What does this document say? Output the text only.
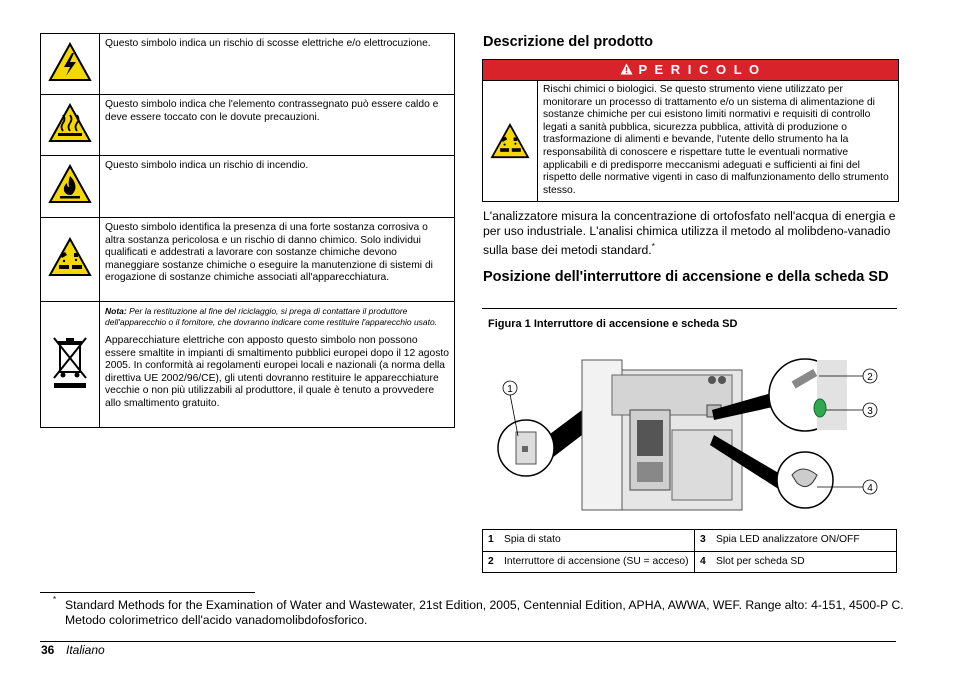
	Questo simbolo indica un rischio di scosse elettriche e/o elettrocuzione.
	Questo simbolo indica che l'elemento contrassegnato può essere caldo e deve essere toccato con le dovute precauzioni.
	Questo simbolo indica un rischio di incendio.
	Questo simbolo identifica la presenza di una forte sostanza corrosiva o altra sostanza pericolosa e un rischio di danno chimico. Solo individui qualificati e addestrati a lavorare con sostanze chimiche devono maneggiare sostanze chimiche o eseguire la manutenzione di sistemi di erogazione di sostanze chimiche associati all'apparecchiatura.

Nota: Per la restituzione al fine del riciclaggio, si prega di contattare il produttore dell'apparecchio o il fornitore, che dovranno indicare come restituire l'apparecchio usato.
Apparecchiature elettriche con apposto questo simbolo non possono essere smaltite in impianti di smaltimento pubblici europei dopo il 12 agosto 2005. In conformità ai regolamenti europei locali e nazionali (a norma della direttiva UE 2002/96/CE), gli utenti dovranno restituire le apparecchiature vecchie o non più utilizzabili al produttore, il quale è tenuto a provvedere allo smaltimento gratuito.
Descrizione del prodotto
P E R I C O L O
Rischi chimici o biologici. Se questo strumento viene utilizzato per monitorare un processo di trattamento e/o un sistema di alimentazione di sostanze chimiche per cui esistono limiti normativi e requisiti di controllo legati a sanità pubblica, sicurezza pubblica, attività di produzione o trasformazione di alimenti e bevande, l'utente dello strumento ha la responsabilità di conoscere e rispettare tutte le eventuali normative applicabili e di predisporre meccanismi adeguati e sufficienti ai fini del rispetto delle normative vigenti in caso di malfunzionamento dello strumento stesso.
L'analizzatore misura la concentrazione di ortofosfato nell'acqua di energia e per uso industriale. L'analisi chimica utilizza il metodo al molibdeno-vanadio sulla base dei metodi standard.*
Posizione dell'interruttore di accensione e della scheda SD
Figura 1 Interruttore di accensione e scheda SD
1
2
3
4
1	Spia di stato	3	Spia LED analizzatore ON/OFF
2	Interruttore di accensione (SU = acceso)	4	Slot per scheda SD
* Standard Methods for the Examination of Water and Wastewater, 21st Edition, 2005, Centennial Edition, APHA, AWWA, WEF. Range alto: 4-151, 4500-P C. Metodo colorimetrico dell'acido vanadomolibdofosforico.
36 Italiano
